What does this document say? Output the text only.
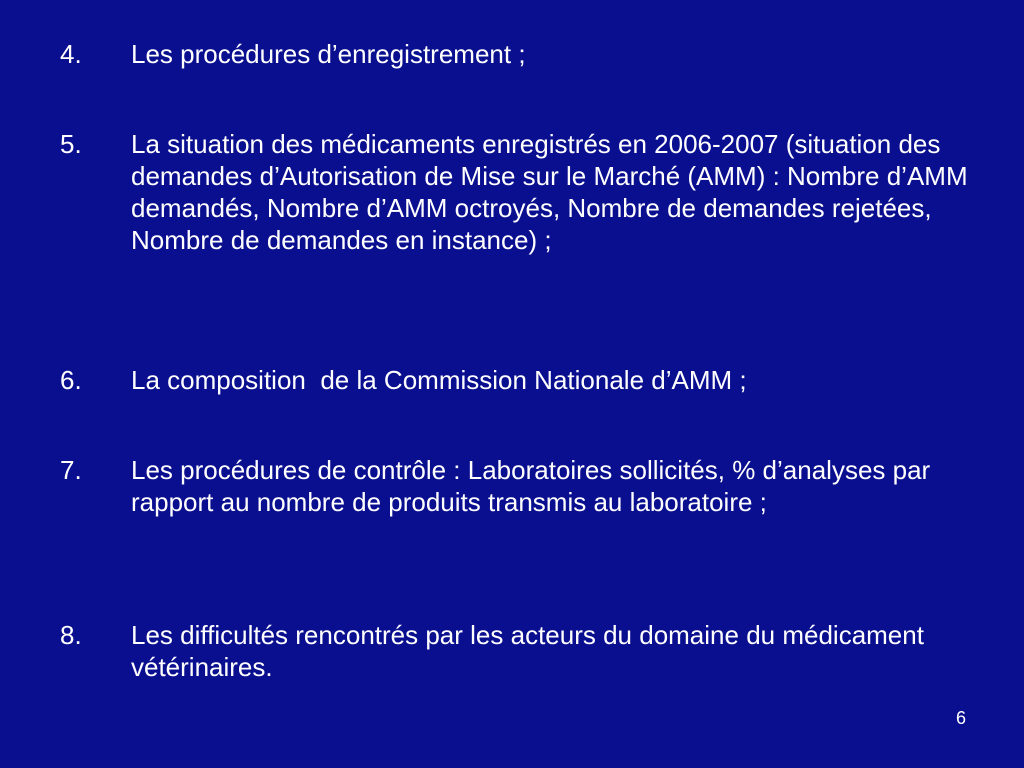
4.	Les procédures d’enregistrement ;
5.	La situation des médicaments enregistrés en 2006-2007 (situation des demandes d’Autorisation de Mise sur le Marché (AMM) : Nombre d’AMM demandés, Nombre d’AMM octroyés, Nombre de demandes rejetées, Nombre de demandes en instance) ;
6.	La composition  de la Commission Nationale d’AMM ;
7.	Les procédures de contrôle : Laboratoires sollicités, % d’analyses par rapport au nombre de produits transmis au laboratoire ;
8.	Les difficultés rencontrés par les acteurs du domaine du médicament vétérinaires.
6
